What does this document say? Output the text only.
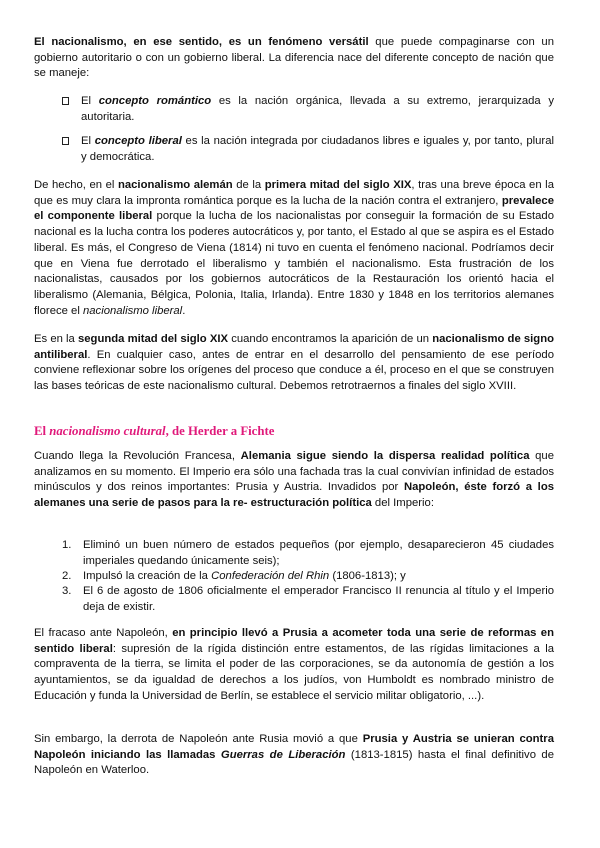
El nacionalismo, en ese sentido, es un fenómeno versátil que puede compaginarse con un gobierno autoritario o con un gobierno liberal. La diferencia nace del diferente concepto de nación que se maneje:

El concepto romántico es la nación orgánica, llevada a su extremo, jerarquizada y autoritaria.
El concepto liberal es la nación integrada por ciudadanos libres e iguales y, por tanto, plural y democrática.

De hecho, en el nacionalismo alemán de la primera mitad del siglo XIX, tras una breve época en la que es muy clara la impronta romántica porque es la lucha de la nación contra el extranjero, prevalece el componente liberal porque la lucha de los nacionalistas por conseguir la formación de su Estado nacional es la lucha contra los poderes autocráticos y, por tanto, el Estado al que se aspira es el Estado liberal. Es más, el Congreso de Viena (1814) ni tuvo en cuenta el fenómeno nacional. Podríamos decir que en Viena fue derrotado el liberalismo y también el nacionalismo. Esta frustración de los nacionalistas, causados por los gobiernos autocráticos de la Restauración los orientó hacia el liberalismo (Alemania, Bélgica, Polonia, Italia, Irlanda). Entre 1830 y 1848 en los territorios alemanes florece el nacionalismo liberal.

Es en la segunda mitad del siglo XIX cuando encontramos la aparición de un nacionalismo de signo antiliberal. En cualquier caso, antes de entrar en el desarrollo del pensamiento de ese período conviene reflexionar sobre los orígenes del proceso que conduce a él, proceso en el que se construyen las bases teóricas de este nacionalismo cultural. Debemos retrotraernos a finales del siglo XVIII.

El nacionalismo cultural, de Herder a Fichte

Cuando llega la Revolución Francesa, Alemania sigue siendo la dispersa realidad política que analizamos en su momento. El Imperio era sólo una fachada tras la cual convivían infinidad de estados minúsculos y dos reinos importantes: Prusia y Austria. Invadidos por Napoleón, éste forzó a los alemanes una serie de pasos para la re- estructuración política del Imperio:

1.	Eliminó un buen número de estados pequeños (por ejemplo, desaparecieron 45 ciudades imperiales quedando únicamente seis);
2.	Impulsó la creación de la Confederación del Rhin (1806-1813); y
3.	El 6 de agosto de 1806 oficialmente el emperador Francisco II renuncia al título y el Imperio deja de existir.

El fracaso ante Napoleón, en principio llevó a Prusia a acometer toda una serie de reformas en sentido liberal: supresión de la rígida distinción entre estamentos, de las rígidas limitaciones a la compraventa de la tierra, se limita el poder de las corporaciones, se da autonomía de gestión a los ayuntamientos, se da igualdad de derechos a los judíos, von Humboldt es nombrado ministro de Educación y funda la Universidad de Berlín, se establece el servicio militar obligatorio, ...).

Sin embargo, la derrota de Napoleón ante Rusia movió a que Prusia y Austria se unieran contra Napoleón iniciando las llamadas Guerras de Liberación (1813-1815) hasta el final definitivo de Napoleón en Waterloo.
